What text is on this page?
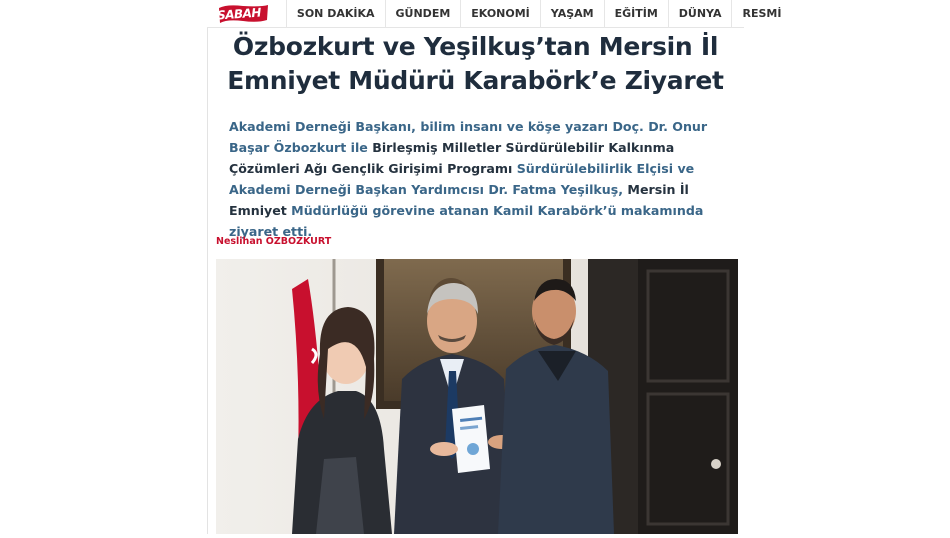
SABAH	SON DAKİKA	GÜNDEM	EKONOMİ	YAŞAM	EĞİTİM	DÜNYA	RESMİ
Özbozkurt ve Yeşilkuş’tan Mersin İl Emniyet Müdürü Karabörk’e Ziyaret

Akademi Derneği Başkanı, bilim insanı ve köşe yazarı Doç. Dr. Onur Başar Özbozkurt ile Birleşmiş Milletler Sürdürülebilir Kalkınma Çözümleri Ağı Gençlik Girişimi Programı Sürdürülebilirlik Elçisi ve Akademi Derneği Başkan Yardımcısı Dr. Fatma Yeşilkuş, Mersin İl Emniyet Müdürlüğü görevine atanan Kamil Karabörk’ü makamında ziyaret etti.

Neslihan ÖZBOZKURT
